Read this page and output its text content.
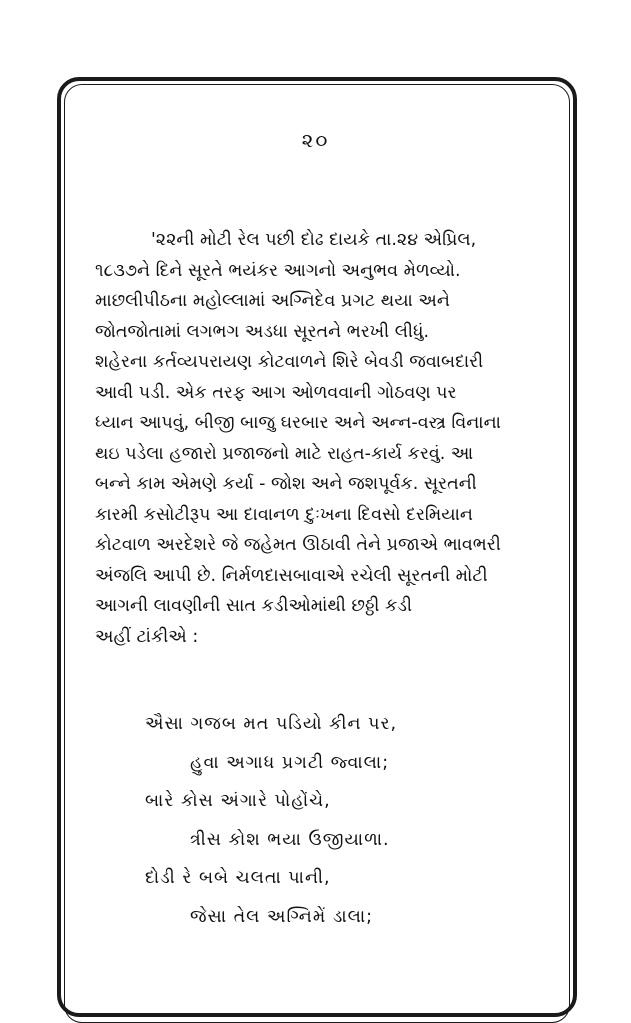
૨૦
'૨૨ની મોટી રેલ પછી દોઢ દાયકે તા.૨૪ એપ્રિલ,
૧૮૩૭ને દિને સૂરતે ભયંકર આગનો અનુભવ મેળવ્યો.
માછલીપીઠના મહોલ્લામાં અગ્નિદેવ પ્રગટ થયા અને
જોતજોતામાં લગભગ અડધા સૂરતને ભરખી લીધું.
શહેરના કર્તવ્યપરાયણ કોટવાળને શિરે બેવડી જવાબદારી
આવી પડી. એક તરફ આગ ઓળવવાની ગોઠવણ પર
ધ્યાન આપવું, બીજી બાજુ ઘરબાર અને અન્ન-વસ્ત્ર વિનાના
થઇ પડેલા હજારો પ્રજાજનો માટે રાહત-કાર્ય કરવું. આ
બન્ને કામ એમણે કર્યા - જોશ અને જશપૂર્વક. સૂરતની
કારમી કસોટીરૂપ આ દાવાનળ દુઃખના દિવસો દરમિયાન
કોટવાળ અરદેશરે જે જહેમત ઊઠાવી તેને પ્રજાએ ભાવભરી
અંજલિ આપી છે. નિર્મળદાસબાવાએ રચેલી સૂરતની મોટી
આગની લાવણીની સાત કડીઓમાંથી છઠ્ઠી કડી
અહીં ટાંકીએ :
ઐસા ગજબ મત પડિયો કીન પર,
હુવા અગાધ પ્રગટી જ્વાલા;
બારે કોસ અંગારે પોહોંચે,
ત્રીસ કોશ ભયા ઉજીયાળા.
દોડી રે બબે ચલતા પાની,
જેસા તેલ અગ્નિમેં ડાલા;
